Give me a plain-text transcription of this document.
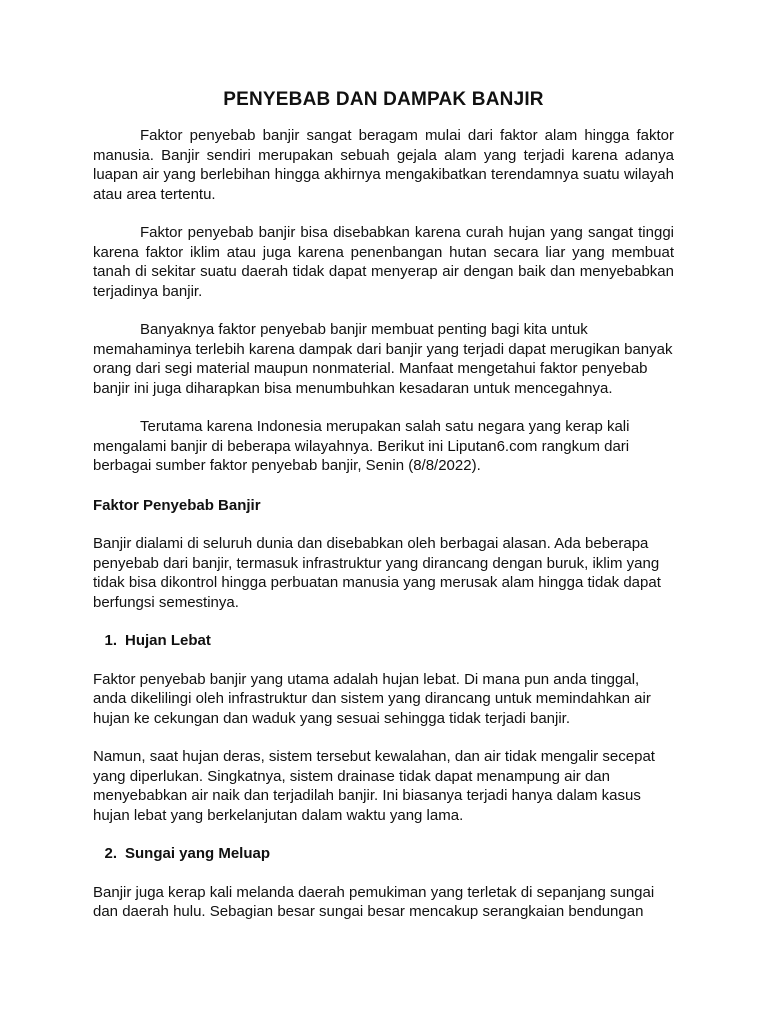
PENYEBAB DAN DAMPAK BANJIR

Faktor penyebab banjir sangat beragam mulai dari faktor alam hingga faktor manusia. Banjir sendiri merupakan sebuah gejala alam yang terjadi karena adanya luapan air yang berlebihan hingga akhirnya mengakibatkan terendamnya suatu wilayah atau area tertentu.

Faktor penyebab banjir bisa disebabkan karena curah hujan yang sangat tinggi karena faktor iklim atau juga karena penenbangan hutan secara liar yang membuat tanah di sekitar suatu daerah tidak dapat menyerap air dengan baik dan menyebabkan terjadinya banjir.

Banyaknya faktor penyebab banjir membuat penting bagi kita untuk memahaminya terlebih karena dampak dari banjir yang terjadi dapat merugikan banyak orang dari segi material maupun nonmaterial. Manfaat mengetahui faktor penyebab banjir ini juga diharapkan bisa menumbuhkan kesadaran untuk mencegahnya.

Terutama karena Indonesia merupakan salah satu negara yang kerap kali mengalami banjir di beberapa wilayahnya. Berikut ini Liputan6.com rangkum dari berbagai sumber faktor penyebab banjir, Senin (8/8/2022).

Faktor Penyebab Banjir

Banjir dialami di seluruh dunia dan disebabkan oleh berbagai alasan. Ada beberapa penyebab dari banjir, termasuk infrastruktur yang dirancang dengan buruk, iklim yang tidak bisa dikontrol hingga perbuatan manusia yang merusak alam hingga tidak dapat berfungsi semestinya.

1. Hujan Lebat

Faktor penyebab banjir yang utama adalah hujan lebat. Di mana pun anda tinggal, anda dikelilingi oleh infrastruktur dan sistem yang dirancang untuk memindahkan air hujan ke cekungan dan waduk yang sesuai sehingga tidak terjadi banjir.

Namun, saat hujan deras, sistem tersebut kewalahan, dan air tidak mengalir secepat yang diperlukan. Singkatnya, sistem drainase tidak dapat menampung air dan menyebabkan air naik dan terjadilah banjir. Ini biasanya terjadi hanya dalam kasus hujan lebat yang berkelanjutan dalam waktu yang lama.

2. Sungai yang Meluap

Banjir juga kerap kali melanda daerah pemukiman yang terletak di sepanjang sungai dan daerah hulu. Sebagian besar sungai besar mencakup serangkaian bendungan
